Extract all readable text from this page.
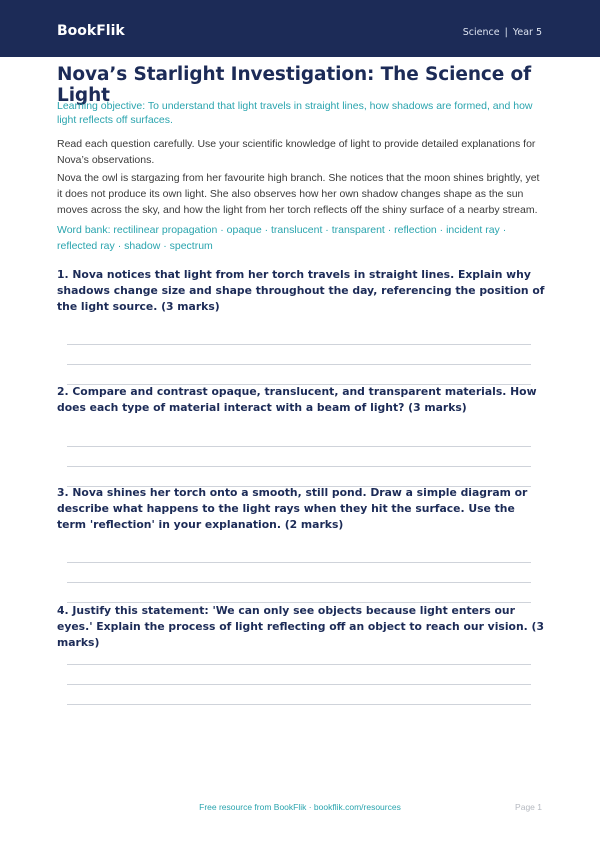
BookFlik	Science | Year 5
Nova’s Starlight Investigation: The Science of Light

Learning objective: To understand that light travels in straight lines, how shadows are formed, and how light reflects off surfaces.

Read each question carefully. Use your scientific knowledge of light to provide detailed explanations for Nova’s observations.

Nova the owl is stargazing from her favourite high branch. She notices that the moon shines brightly, yet it does not produce its own light. She also observes how her own shadow changes shape as the sun moves across the sky, and how the light from her torch reflects off the shiny surface of a nearby stream.

Word bank: rectilinear propagation · opaque · translucent · transparent · reflection · incident ray · reflected ray · shadow · spectrum

1. Nova notices that light from her torch travels in straight lines. Explain why shadows change size and shape throughout the day, referencing the position of the light source. (3 marks)

2. Compare and contrast opaque, translucent, and transparent materials. How does each type of material interact with a beam of light? (3 marks)

3. Nova shines her torch onto a smooth, still pond. Draw a simple diagram or describe what happens to the light rays when they hit the surface. Use the term 'reflection' in your explanation. (2 marks)

4. Justify this statement: 'We can only see objects because light enters our eyes.' Explain the process of light reflecting off an object to reach our vision. (3 marks)

Free resource from BookFlik · bookflik.com/resources	Page 1
